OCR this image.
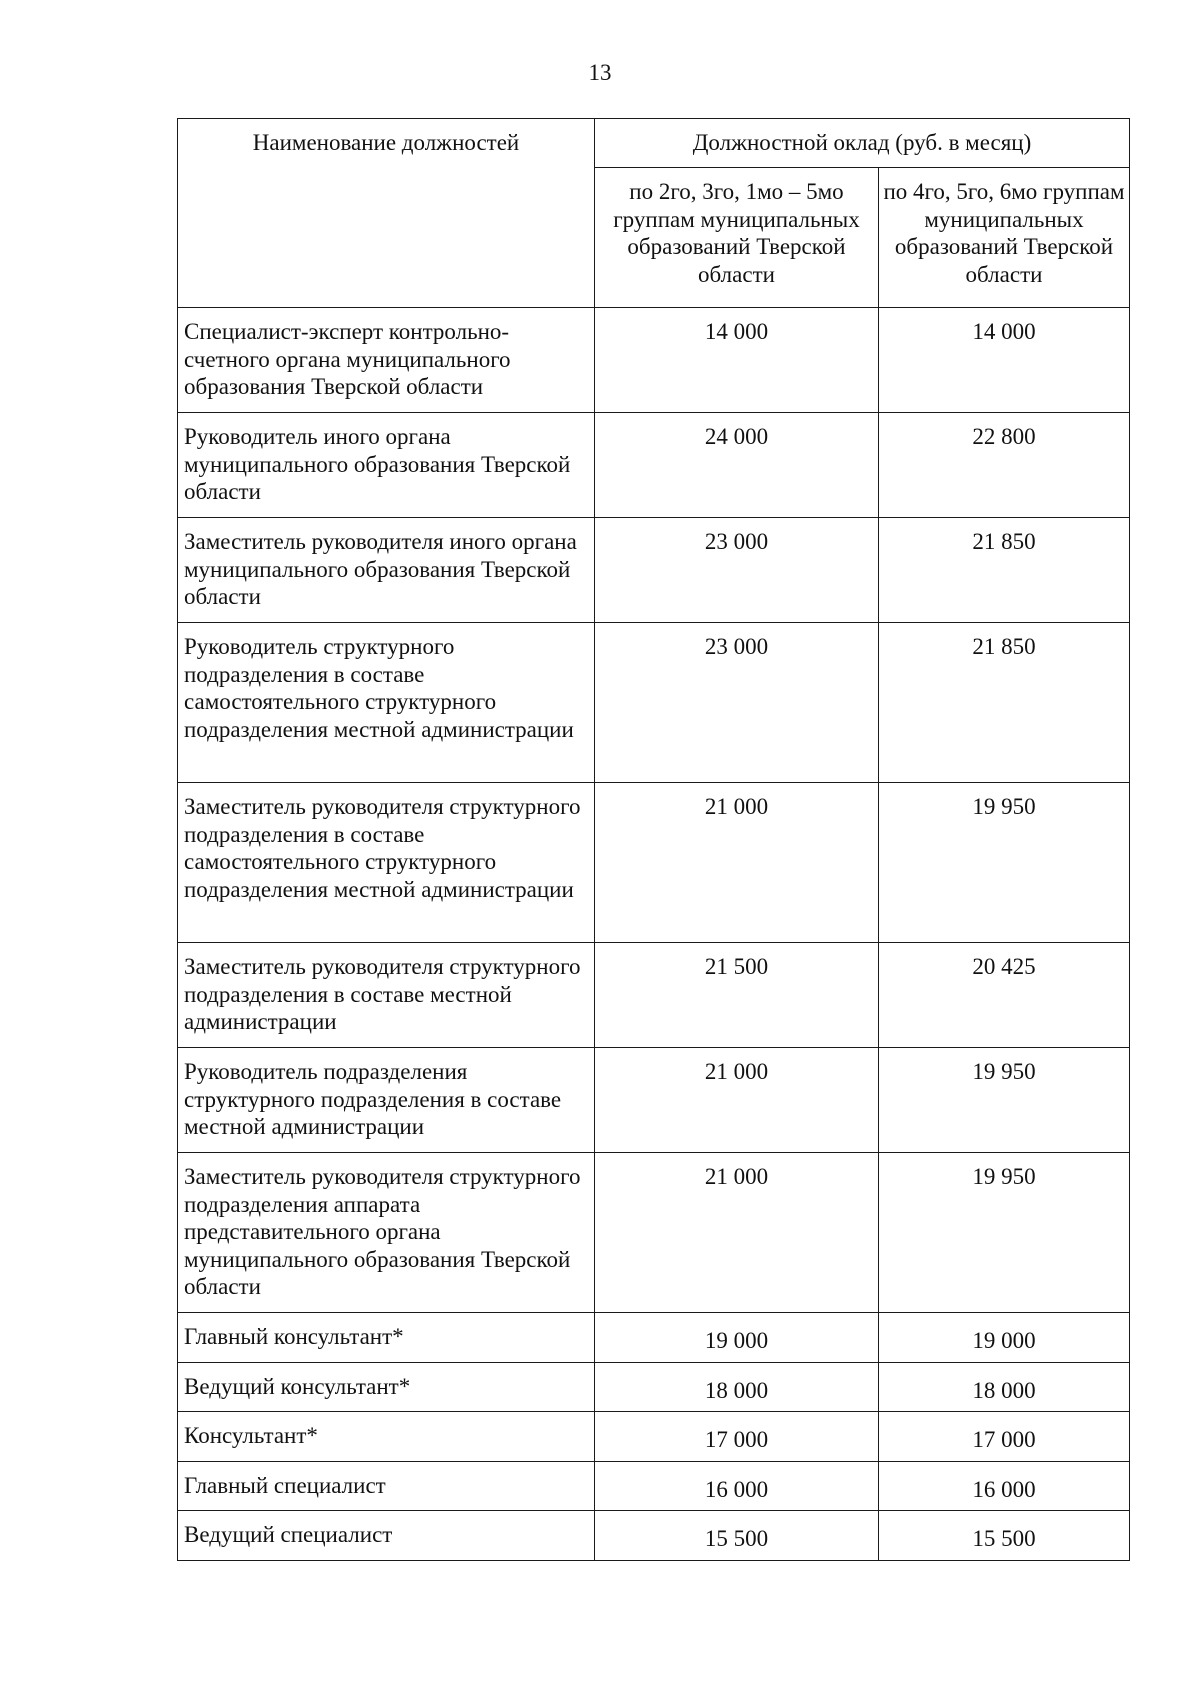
13
Наименование должностей	Должностной оклад (руб. в месяц)	
	по 2го, 3го, 1мо – 5мо группам муниципальных образований Тверской области	по 4го, 5го, 6мо группам муниципальных образований Тверской области
Специалист-эксперт контрольно-счетного органа муниципального образования Тверской области	14 000	14 000
Руководитель иного органа муниципального образования Тверской области	24 000	22 800
Заместитель руководителя иного органа муниципального образования Тверской области	23 000	21 850
Руководитель структурного подразделения в составе самостоятельного структурного подразделения местной администрации	23 000	21 850
Заместитель руководителя структурного подразделения в составе самостоятельного структурного подразделения местной администрации	21 000	19 950
Заместитель руководителя структурного подразделения в составе местной администрации	21 500	20 425
Руководитель подразделения структурного подразделения в составе местной администрации	21 000	19 950
Заместитель руководителя структурного подразделения аппарата представительного органа муниципального образования Тверской области	21 000	19 950
Главный консультант*	19 000	19 000
Ведущий консультант*	18 000	18 000
Консультант*	17 000	17 000
Главный специалист	16 000	16 000
Ведущий специалист	15 500	15 500
